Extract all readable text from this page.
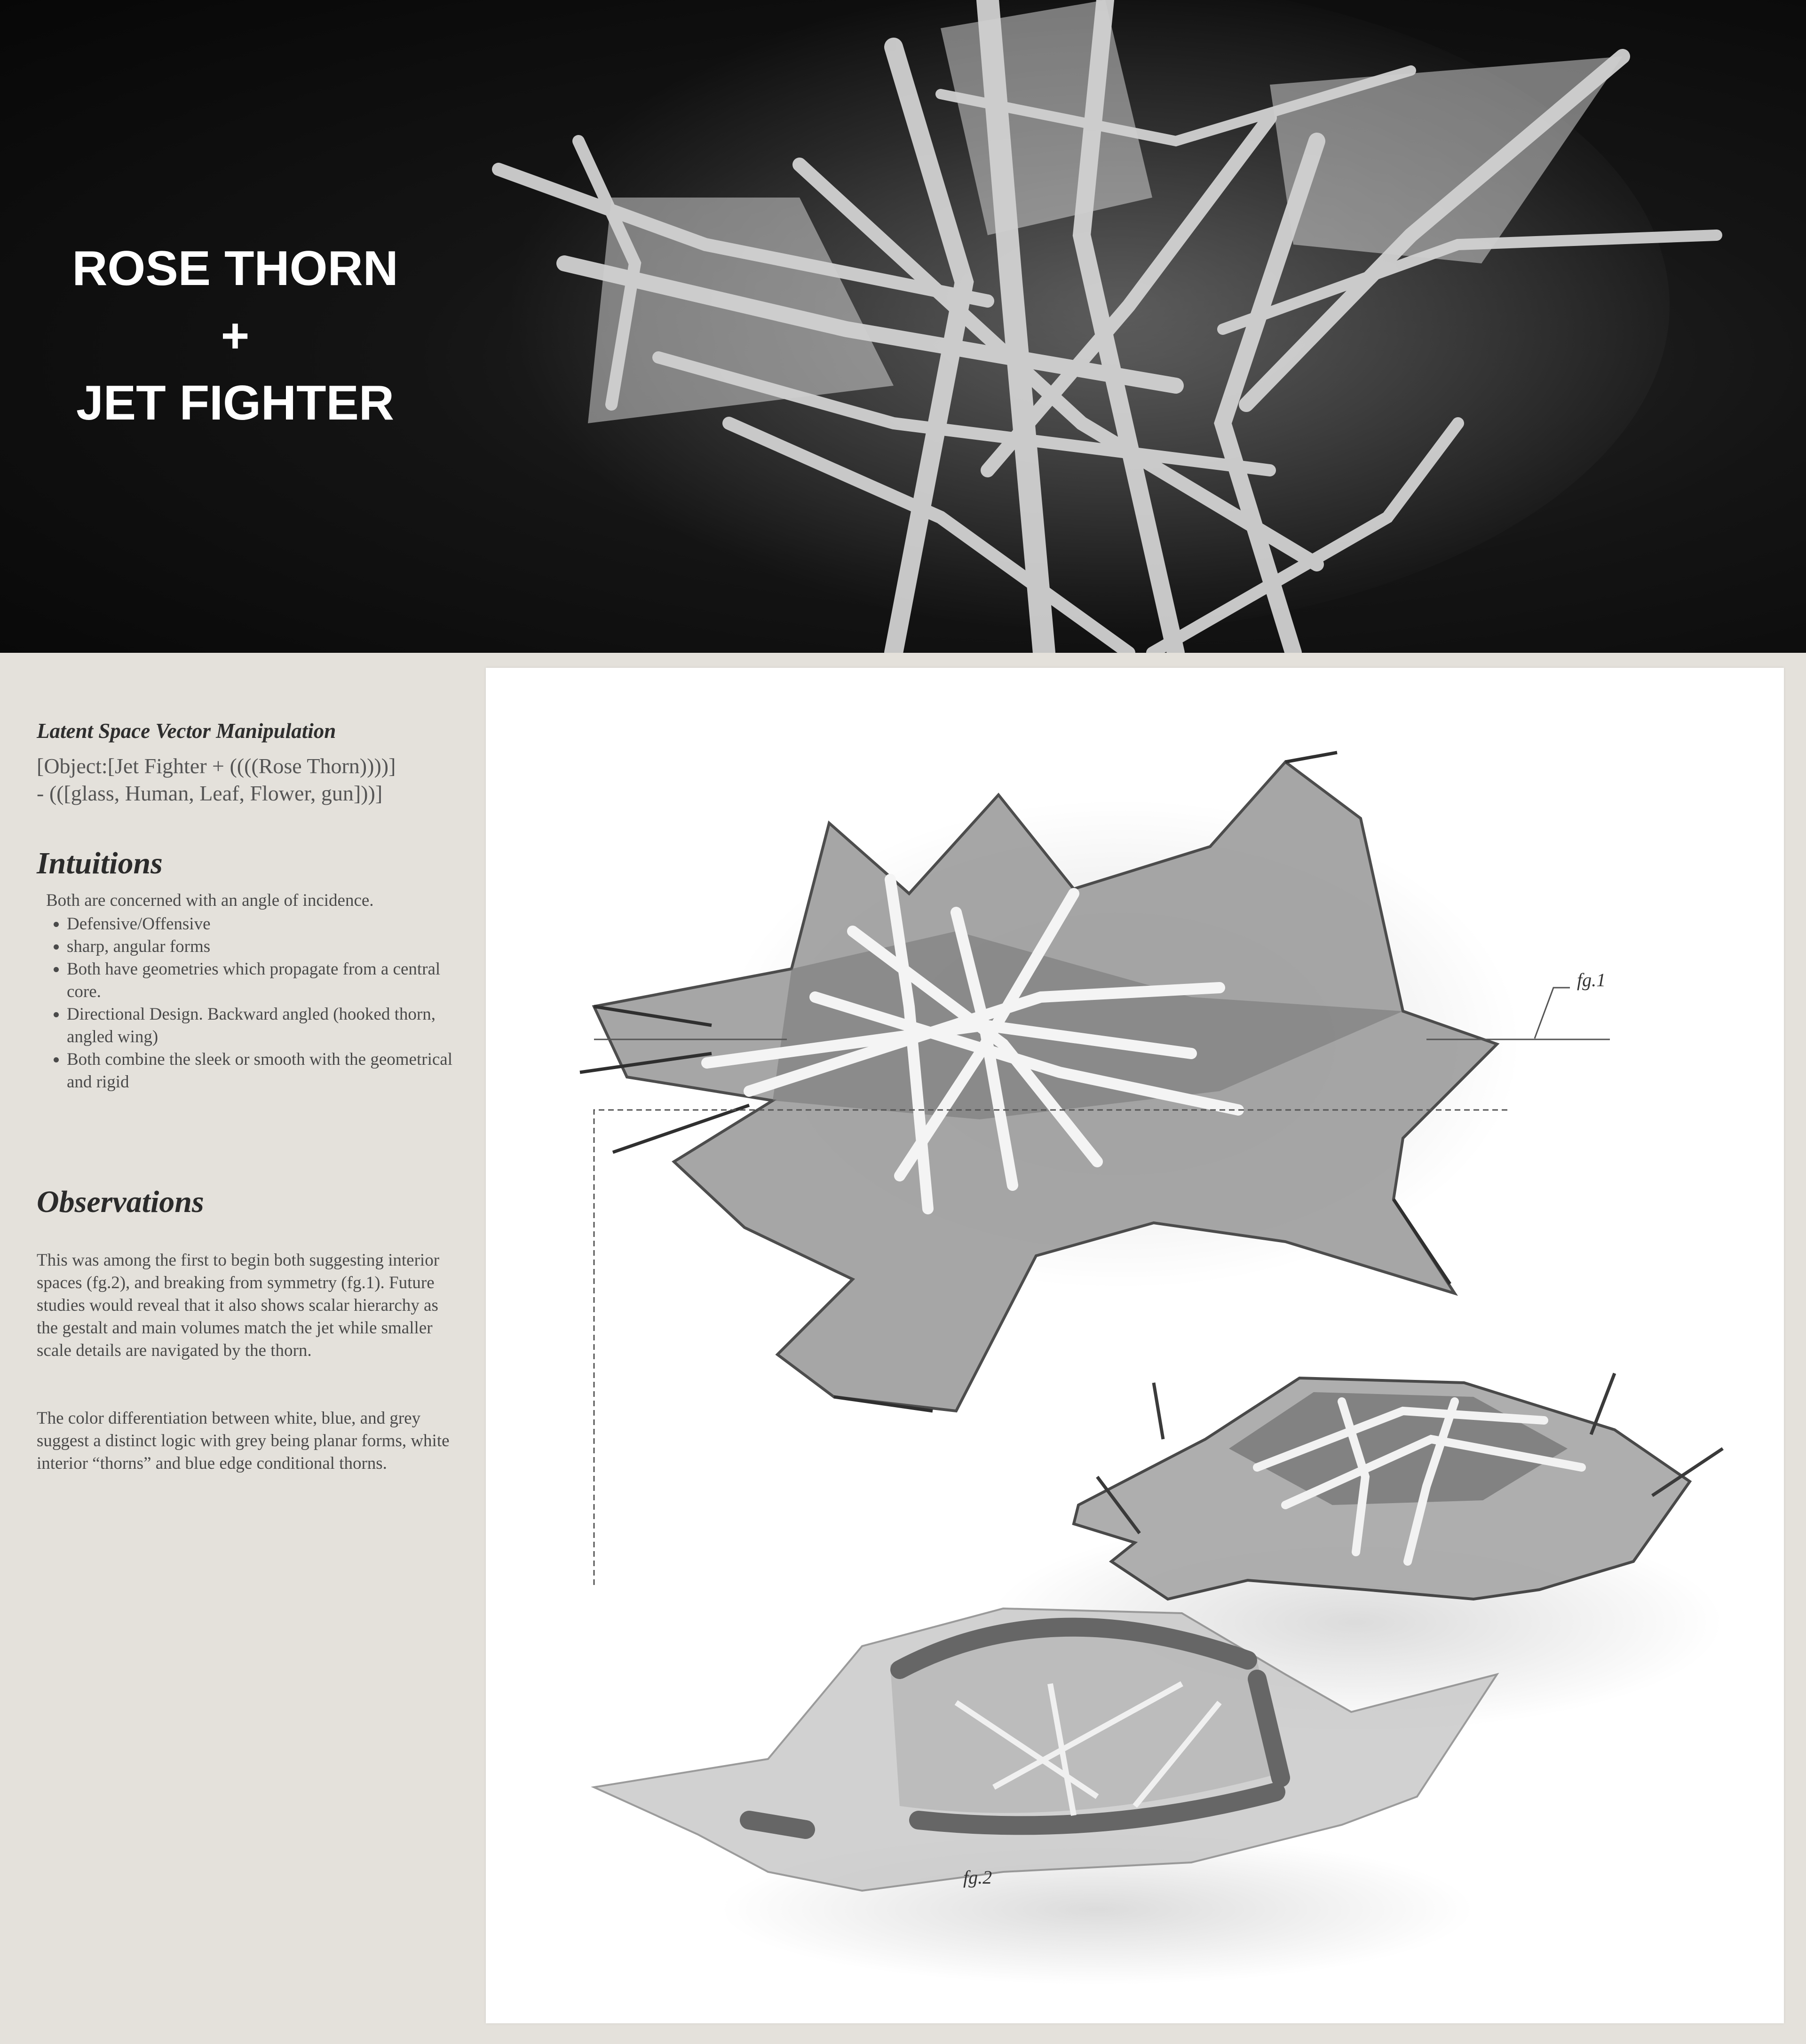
ROSE THORN
+
JET FIGHTER
Latent Space Vector Manipulation
[Object:[Jet Fighter + ((((Rose Thorn))))]
- (([glass, Human, Leaf, Flower, gun]))]
Intuitions
Both are concerned with an angle of incidence.
• Defensive/Offensive
• sharp, angular forms
• Both have geometries which propagate from a central core.
• Directional Design. Backward angled (hooked thorn, angled wing)
• Both combine the sleek or smooth with the geometrical and rigid
Observations
This was among the first to begin both suggesting interior spaces (fg.2), and breaking from symmetry (fg.1). Future studies would reveal that it also shows scalar hierarchy as the gestalt and main volumes match the jet while smaller scale details are navigated by the thorn.
The color differentiation between white, blue, and grey suggest a distinct logic with grey being planar forms, white interior “thorns” and blue edge conditional thorns.
fg.1
fg.2
